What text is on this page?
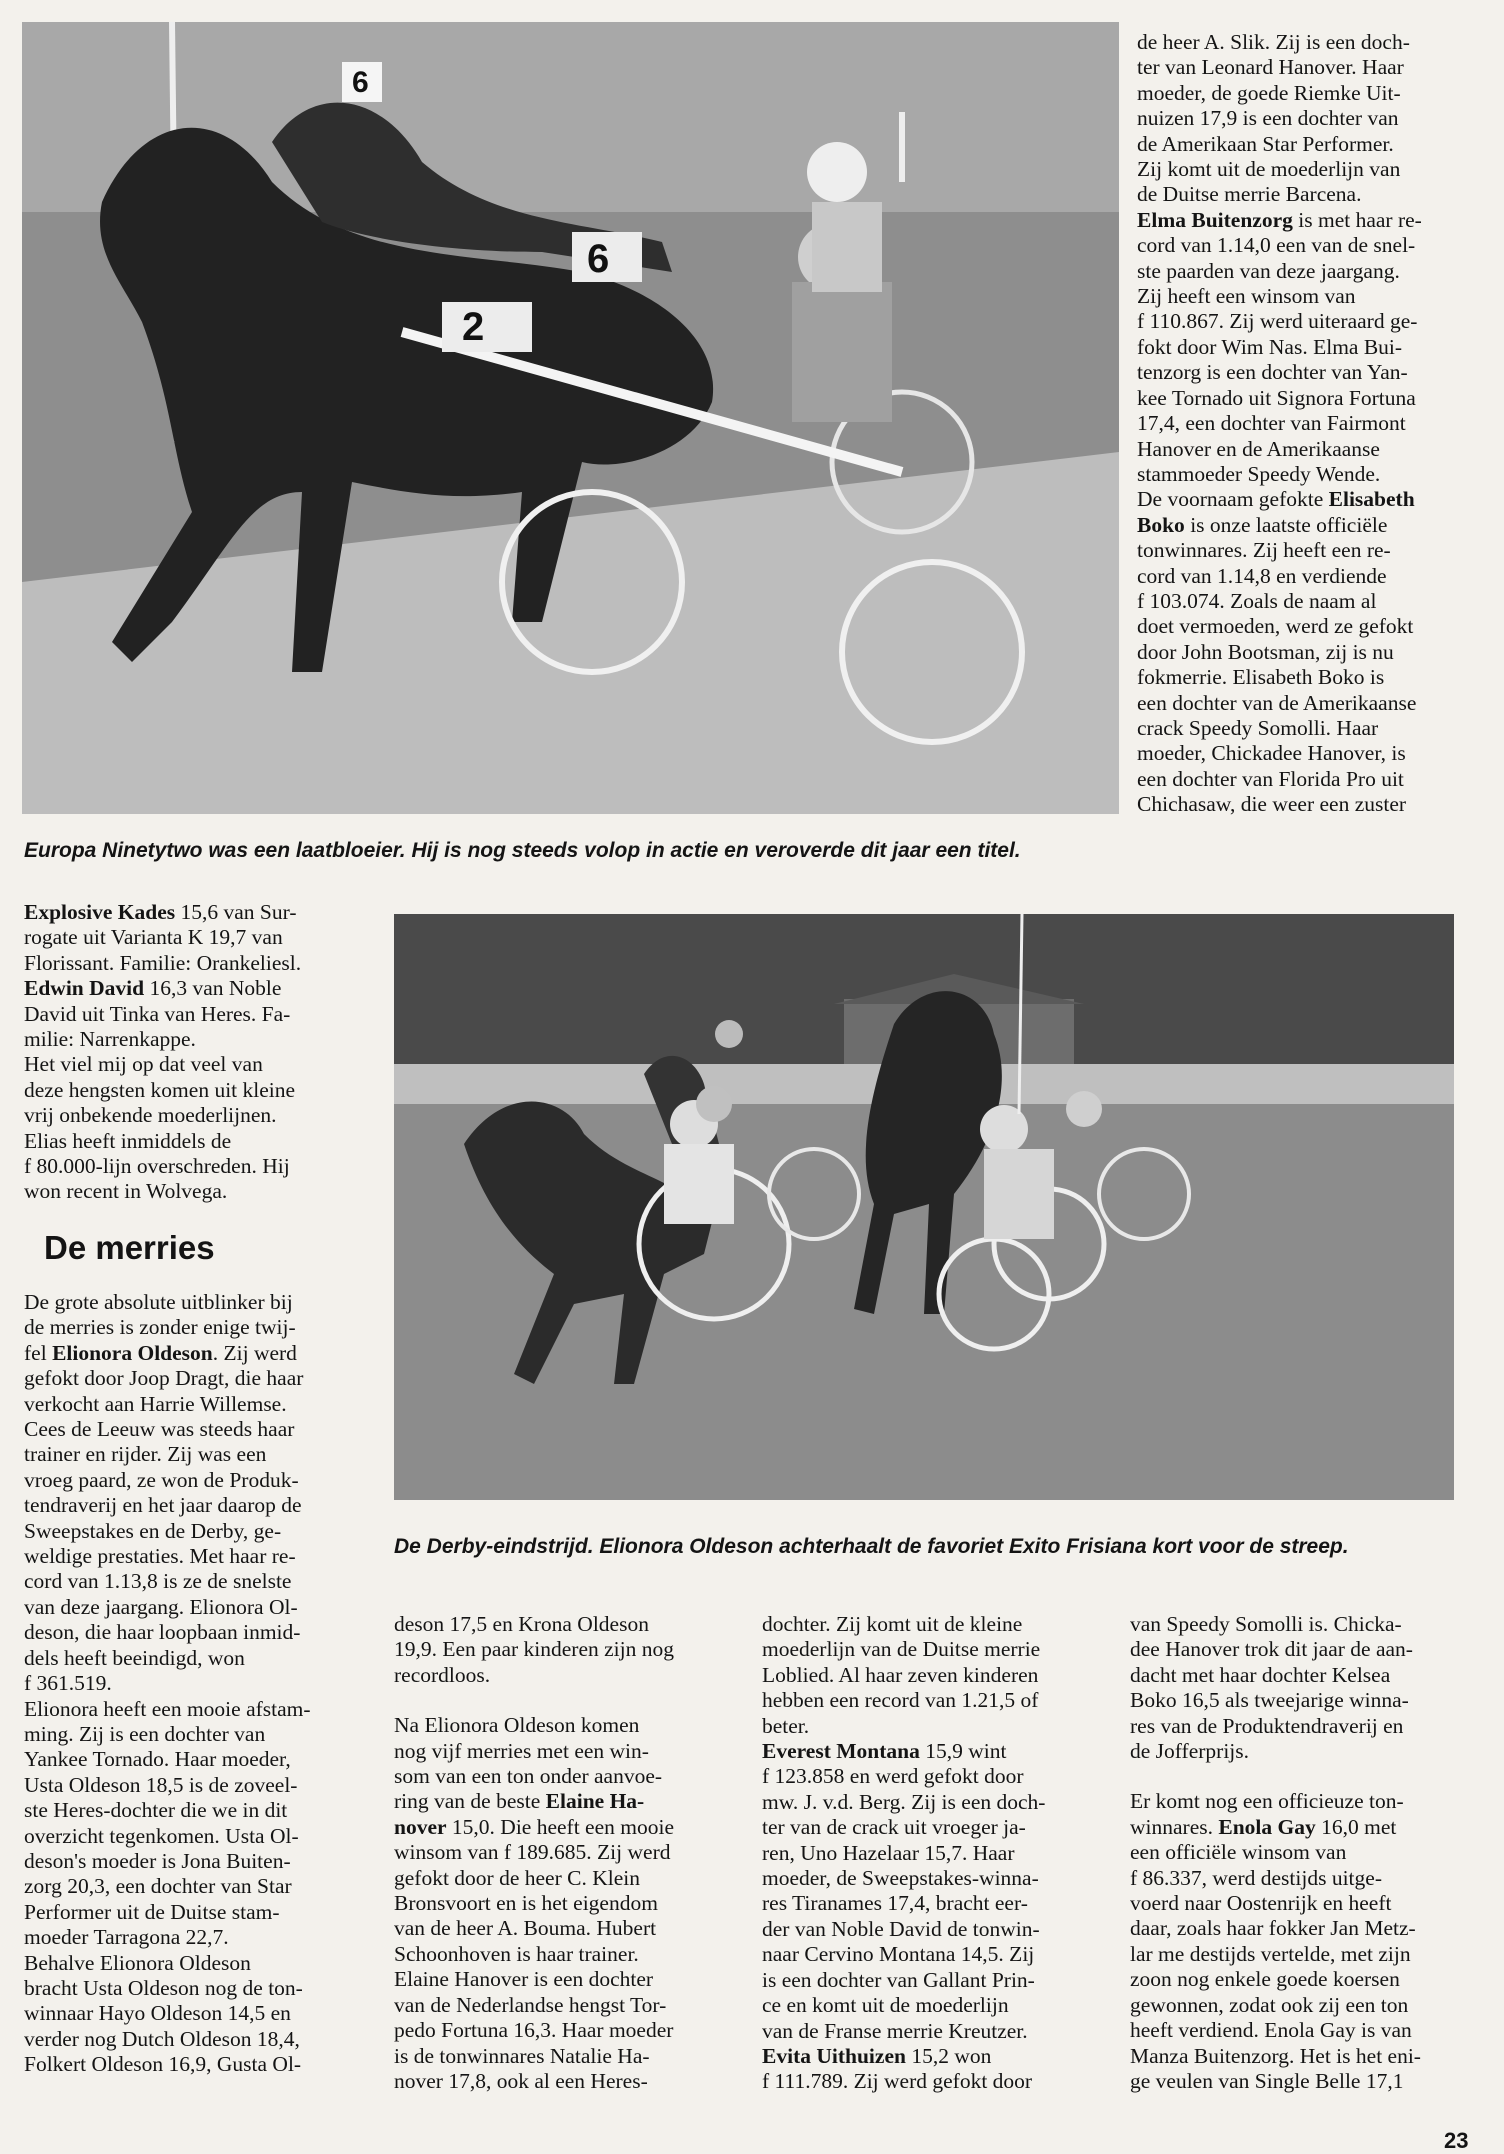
6
2
6
Europa Ninetytwo was een laatbloeier. Hij is nog steeds volop in actie en veroverde dit jaar een titel.

de heer A. Slik. Zij is een doch-

ter van Leonard Hanover. Haar

moeder, de goede Riemke Uit-

nuizen 17,9 is een dochter van

de Amerikaan Star Performer.

Zij komt uit de moederlijn van

de Duitse merrie Barcena.

Elma Buitenzorg is met haar re-

cord van 1.14,0 een van de snel-

ste paarden van deze jaargang.

Zij heeft een winsom van

f 110.867. Zij werd uiteraard ge-

fokt door Wim Nas. Elma Bui-

tenzorg is een dochter van Yan-

kee Tornado uit Signora Fortuna

17,4, een dochter van Fairmont

Hanover en de Amerikaanse

stammoeder Speedy Wende.

De voornaam gefokte Elisabeth

Boko is onze laatste officiële

tonwinnares. Zij heeft een re-

cord van 1.14,8 en verdiende

f 103.074. Zoals de naam al

doet vermoeden, werd ze gefokt

door John Bootsman, zij is nu

fokmerrie. Elisabeth Boko is

een dochter van de Amerikaanse

crack Speedy Somolli. Haar

moeder, Chickadee Hanover, is

een dochter van Florida Pro uit

Chichasaw, die weer een zuster

Explosive Kades 15,6 van Sur-

rogate uit Varianta K 19,7 van

Florissant. Familie: Orankeliesl.

Edwin David 16,3 van Noble

David uit Tinka van Heres. Fa-

milie: Narrenkappe.

Het viel mij op dat veel van

deze hengsten komen uit kleine

vrij onbekende moederlijnen.

Elias heeft inmiddels de

f 80.000-lijn overschreden. Hij

won recent in Wolvega.

De merries

De grote absolute uitblinker bij

de merries is zonder enige twij-

fel Elionora Oldeson. Zij werd

gefokt door Joop Dragt, die haar

verkocht aan Harrie Willemse.

Cees de Leeuw was steeds haar

trainer en rijder. Zij was een

vroeg paard, ze won de Produk-

tendraverij en het jaar daarop de

Sweepstakes en de Derby, ge-

weldige prestaties. Met haar re-

cord van 1.13,8 is ze de snelste

van deze jaargang. Elionora Ol-

deson, die haar loopbaan inmid-

dels heeft beeindigd, won

f 361.519.

Elionora heeft een mooie afstam-

ming. Zij is een dochter van

Yankee Tornado. Haar moeder,

Usta Oldeson 18,5 is de zoveel-

ste Heres-dochter die we in dit

overzicht tegenkomen. Usta Ol-

deson's moeder is Jona Buiten-

zorg 20,3, een dochter van Star

Performer uit de Duitse stam-

moeder Tarragona 22,7.

Behalve Elionora Oldeson

bracht Usta Oldeson nog de ton-

winnaar Hayo Oldeson 14,5 en

verder nog Dutch Oldeson 18,4,

Folkert Oldeson 16,9, Gusta Ol-

De Derby-eindstrijd. Elionora Oldeson achterhaalt de favoriet Exito Frisiana kort voor de streep.

deson 17,5 en Krona Oldeson

19,9. Een paar kinderen zijn nog

recordloos.

Na Elionora Oldeson komen

nog vijf merries met een win-

som van een ton onder aanvoe-

ring van de beste Elaine Ha-

nover 15,0. Die heeft een mooie

winsom van f 189.685. Zij werd

gefokt door de heer C. Klein

Bronsvoort en is het eigendom

van de heer A. Bouma. Hubert

Schoonhoven is haar trainer.

Elaine Hanover is een dochter

van de Nederlandse hengst Tor-

pedo Fortuna 16,3. Haar moeder

is de tonwinnares Natalie Ha-

nover 17,8, ook al een Heres-

dochter. Zij komt uit de kleine

moederlijn van de Duitse merrie

Loblied. Al haar zeven kinderen

hebben een record van 1.21,5 of

beter.

Everest Montana 15,9 wint

f 123.858 en werd gefokt door

mw. J. v.d. Berg. Zij is een doch-

ter van de crack uit vroeger ja-

ren, Uno Hazelaar 15,7. Haar

moeder, de Sweepstakes-winna-

res Tiranames 17,4, bracht eer-

der van Noble David de tonwin-

naar Cervino Montana 14,5. Zij

is een dochter van Gallant Prin-

ce en komt uit de moederlijn

van de Franse merrie Kreutzer.

Evita Uithuizen 15,2 won

f 111.789. Zij werd gefokt door

van Speedy Somolli is. Chicka-

dee Hanover trok dit jaar de aan-

dacht met haar dochter Kelsea

Boko 16,5 als tweejarige winna-

res van de Produktendraverij en

de Jofferprijs.

Er komt nog een officieuze ton-

winnares. Enola Gay 16,0 met

een officiële winsom van

f 86.337, werd destijds uitge-

voerd naar Oostenrijk en heeft

daar, zoals haar fokker Jan Metz-

lar me destijds vertelde, met zijn

zoon nog enkele goede koersen

gewonnen, zodat ook zij een ton

heeft verdiend. Enola Gay is van

Manza Buitenzorg. Het is het eni-

ge veulen van Single Belle 17,1

23
